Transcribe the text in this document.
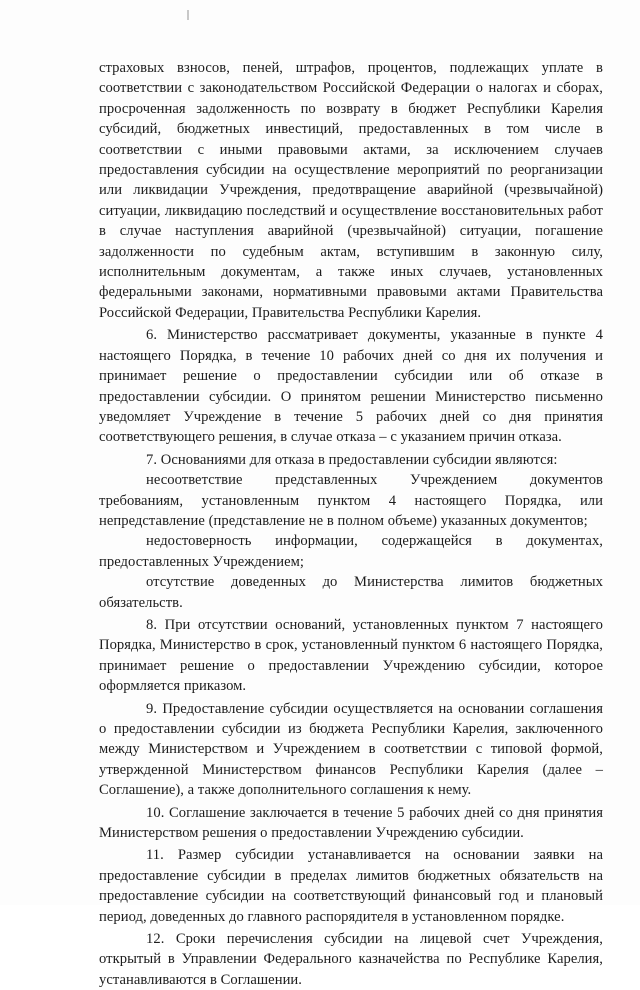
страховых взносов, пеней, штрафов, процентов, подлежащих уплате в соответствии с законодательством Российской Федерации о налогах и сборах, просроченная задолженность по возврату в бюджет Республики Карелия субсидий, бюджетных инвестиций, предоставленных в том числе в соответствии с иными правовыми актами, за исключением случаев предоставления субсидии на осуществление мероприятий по реорганизации или ликвидации Учреждения, предотвращение аварийной (чрезвычайной) ситуации, ликвидацию последствий и осуществление восстановительных работ в случае наступления аварийной (чрезвычайной) ситуации, погашение задолженности по судебным актам, вступившим в законную силу, исполнительным документам, а также иных случаев, установленных федеральными законами, нормативными правовыми актами Правительства Российской Федерации, Правительства Республики Карелия.

6. Министерство рассматривает документы, указанные в пункте 4 настоящего Порядка, в течение 10 рабочих дней со дня их получения и принимает решение о предоставлении субсидии или об отказе в предоставлении субсидии. О принятом решении Министерство письменно уведомляет Учреждение в течение 5 рабочих дней со дня принятия соответствующего решения, в случае отказа – с указанием причин отказа.

7. Основаниями для отказа в предоставлении субсидии являются:

несоответствие представленных Учреждением документов требованиям, установленным пунктом 4 настоящего Порядка, или непредставление (представление не в полном объеме) указанных документов;

недостоверность информации, содержащейся в документах, предоставленных Учреждением;

отсутствие доведенных до Министерства лимитов бюджетных обязательств.

8. При отсутствии оснований, установленных пунктом 7 настоящего Порядка, Министерство в срок, установленный пунктом 6 настоящего Порядка, принимает решение о предоставлении Учреждению субсидии, которое оформляется приказом.

9. Предоставление субсидии осуществляется на основании соглашения о предоставлении субсидии из бюджета Республики Карелия, заключенного между Министерством и Учреждением в соответствии с типовой формой, утвержденной Министерством финансов Республики Карелия (далее – Соглашение), а также дополнительного соглашения к нему.

10. Соглашение заключается в течение 5 рабочих дней со дня принятия Министерством решения о предоставлении Учреждению субсидии.

11. Размер субсидии устанавливается на основании заявки на предоставление субсидии в пределах лимитов бюджетных обязательств на предоставление субсидии на соответствующий финансовый год и плановый период, доведенных до главного распорядителя в установленном порядке.

12. Сроки перечисления субсидии на лицевой счет Учреждения, открытый в Управлении Федерального казначейства по Республике Карелия, устанавливаются в Соглашении.
